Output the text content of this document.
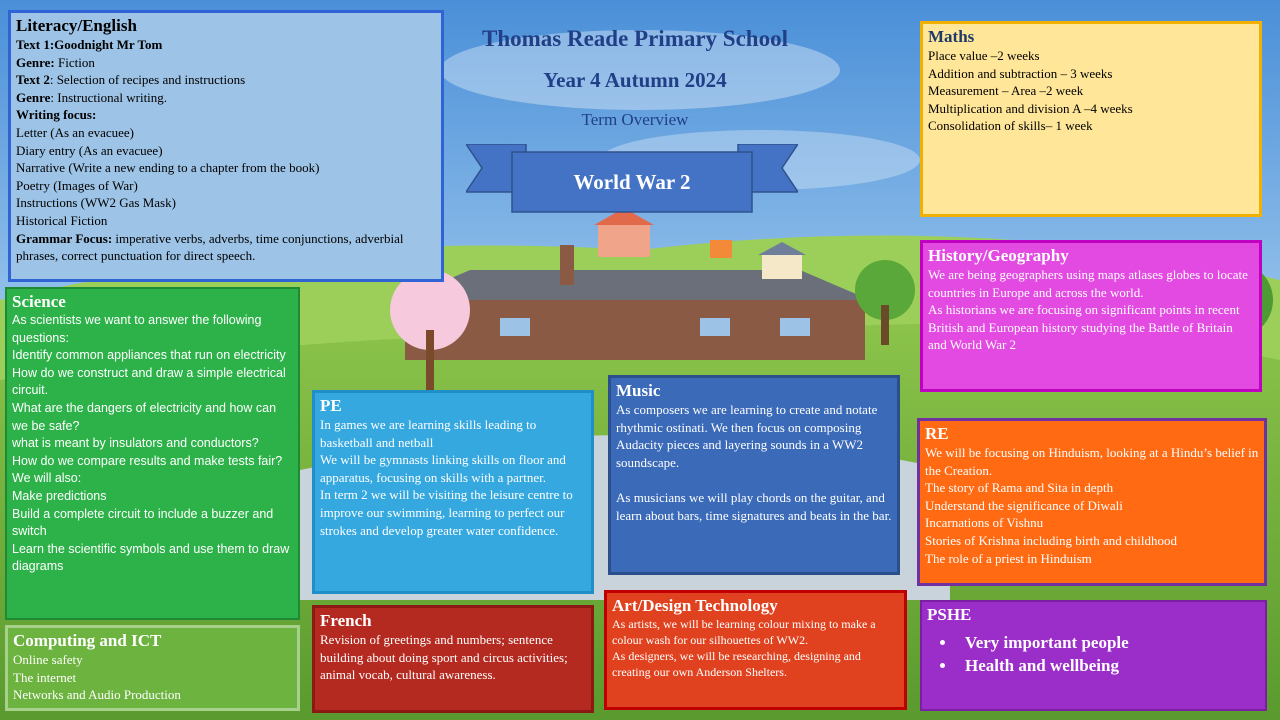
Thomas Reade Primary School
Year 4 Autumn 2024
Term Overview
World War 2
Literacy/English

Text 1:Goodnight Mr Tom

Genre: Fiction

Text 2: Selection of recipes and instructions

Genre: Instructional writing.

Writing focus:

Letter (As an evacuee)

Diary entry (As an evacuee)

Narrative (Write a new ending to a chapter from the book)

Poetry (Images of War)

Instructions (WW2 Gas Mask)

Historical Fiction

Grammar Focus: imperative verbs, adverbs, time conjunctions, adverbial phrases, correct punctuation for direct speech.

Science

As scientists we want to answer the following questions:

Identify common appliances that run on electricity

How do we construct and draw a simple electrical circuit.

What are the dangers of electricity and how can we be safe?

what is meant by insulators and conductors?

How do we compare results and make tests fair?

We will also:

Make predictions

Build a complete circuit to include a buzzer and switch

Learn the scientific symbols and use them to draw diagrams

Computing and ICT

Online safety

The internet

Networks and Audio Production

PE

In games we are learning skills leading to basketball and netball

We will be gymnasts linking skills on floor and apparatus, focusing on skills with a partner.

In term 2 we will be visiting the leisure centre to improve our swimming, learning to perfect our strokes and develop greater water confidence.

French

Revision of greetings and numbers; sentence building about doing sport and circus activities; animal vocab, cultural awareness.

Music

As composers we are learning to create and notate rhythmic ostinati. We then focus on composing Audacity pieces and layering sounds in a WW2 soundscape.

As musicians we will play chords on the guitar, and learn about bars, time signatures and beats in the bar.

Art/Design Technology

As artists, we will be learning colour mixing to make a colour wash for our silhouettes of WW2.

As designers, we will be researching, designing and creating our own Anderson Shelters.

Maths

Place value –2 weeks

Addition and subtraction – 3 weeks

Measurement – Area –2 week

Multiplication and division A –4 weeks

Consolidation of skills– 1 week

History/Geography

We are being geographers using maps atlases globes to locate countries in Europe and across the world.

As historians we are focusing on significant points in recent British and European history studying the Battle of Britain and World War 2

RE

We will be focusing on Hinduism, looking at a Hindu’s belief in the Creation.

The story of Rama and Sita in depth

Understand the significance of Diwali

Incarnations of Vishnu

Stories of Krishna including birth and childhood

The role of a priest in Hinduism

PSHE
• Very important people
• Health and wellbeing
